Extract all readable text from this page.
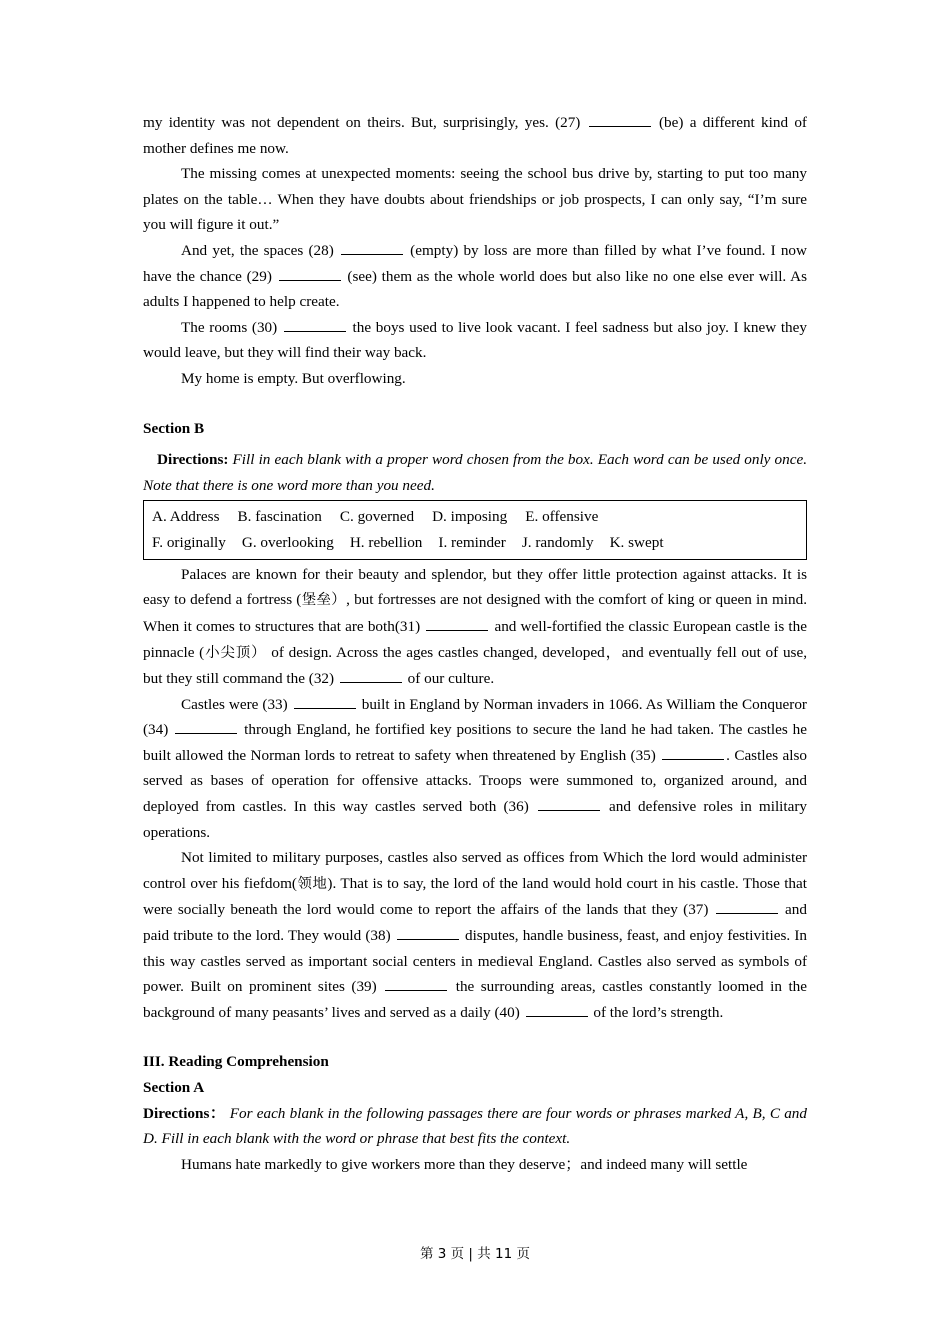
my identity was not dependent on theirs. But, surprisingly, yes. (27)	(be) a different kind of mother defines me now.
The missing comes at unexpected moments: seeing the school bus drive by, starting to put too many plates on the table… When they have doubts about friendships or job prospects, I can only say, “I’m sure you will figure it out.”
And yet, the spaces (28)	(empty) by loss are more than filled by what I’ve found. I now have the chance (29)	(see) them as the whole world does but also like no one else ever will. As adults I happened to help create.
The rooms (30)	the boys used to live look vacant. I feel sadness but also joy. I knew they would leave, but they will find their way back.
My home is empty. But overflowing.
Section B
Directions: Fill in each blank with a proper word chosen from the box. Each word can be used only once. Note that there is one word more than you need.
A. Address B. fascination C. governed D. imposing E. offensive
F. originally G. overlooking H. rebellion I. reminder J. randomly K. swept
Palaces are known for their beauty and splendor, but they offer little protection against attacks. It is easy to defend a fortress (堡垒）, but fortresses are not designed with the comfort of king or queen in mind. When it comes to structures that are both(31)	and well-fortified the classic European castle is the pinnacle (小尖顶） of design. Across the ages castles changed, developed，and eventually fell out of use, but they still command the (32)	of our culture.
Castles were (33)	built in England by Norman invaders in 1066. As William the Conqueror (34)	through England, he fortified key positions to secure the land he had taken. The castles he built allowed the Norman lords to retreat to safety when threatened by English (35)	. Castles also served as bases of operation for offensive attacks. Troops were summoned to, organized around, and deployed from castles. In this way castles served both (36)	and defensive roles in military operations.
Not limited to military purposes, castles also served as offices from Which the lord would administer control over his fiefdom(领地). That is to say, the lord of the land would hold court in his castle. Those that were socially beneath the lord would come to report the affairs of the lands that they (37)	and paid tribute to the lord. They would (38)	disputes, handle business, feast, and enjoy festivities. In this way castles served as important social centers in medieval England. Castles also served as symbols of power. Built on prominent sites (39)	the surrounding areas, castles constantly loomed in the background of many peasants’ lives and served as a daily (40)	of the lord’s strength.
III. Reading Comprehension
Section A
Directions： For each blank in the following passages there are four words or phrases marked A, B, C and D. Fill in each blank with the word or phrase that best fits the context.
Humans hate markedly to give workers more than they deserve；and indeed many will settle
第 3 页 | 共 11 页
